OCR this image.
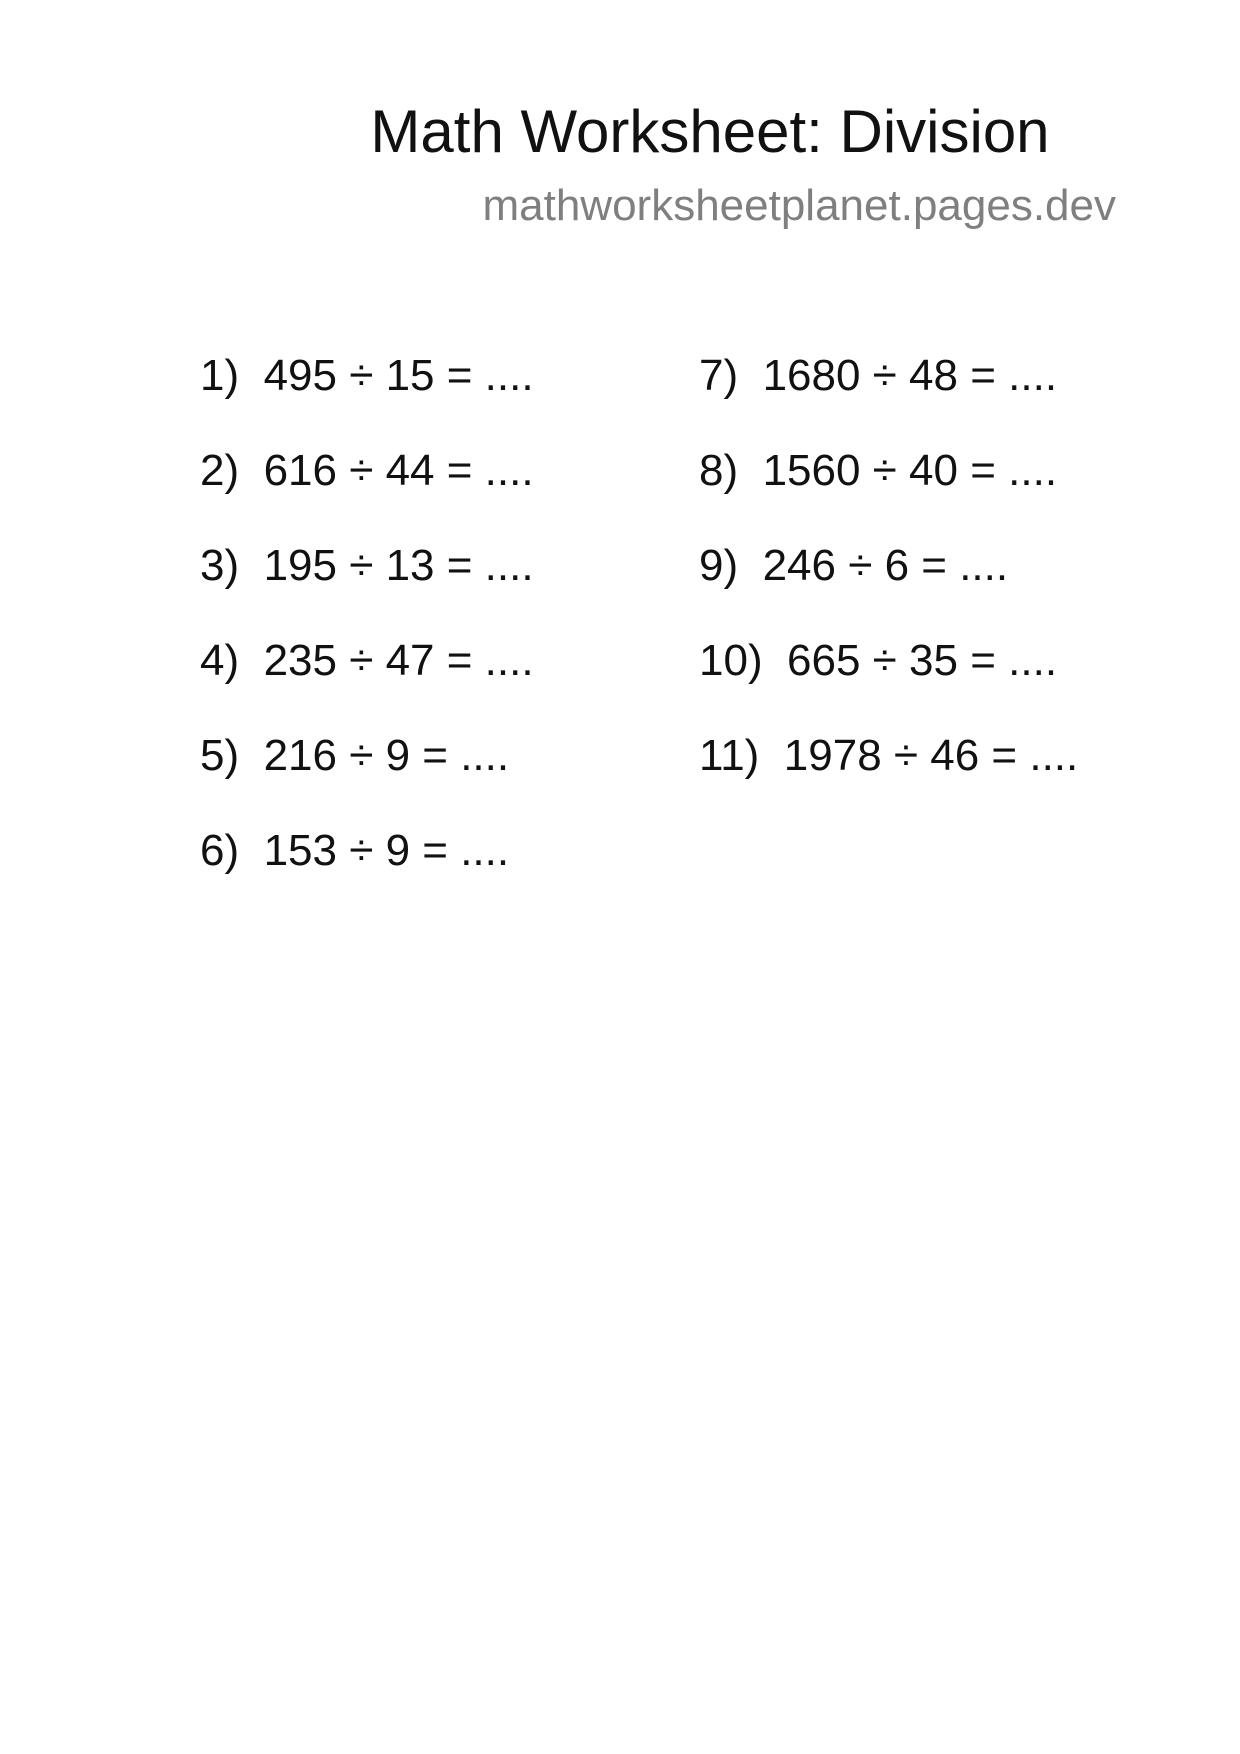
Math Worksheet: Division
mathworksheetplanet.pages.dev
1)  495 ÷ 15 = ....
2)  616 ÷ 44 = ....
3)  195 ÷ 13 = ....
4)  235 ÷ 47 = ....
5)  216 ÷ 9 = ....
6)  153 ÷ 9 = ....
7)  1680 ÷ 48 = ....
8)  1560 ÷ 40 = ....
9)  246 ÷ 6 = ....
10)  665 ÷ 35 = ....
11)  1978 ÷ 46 = ....
